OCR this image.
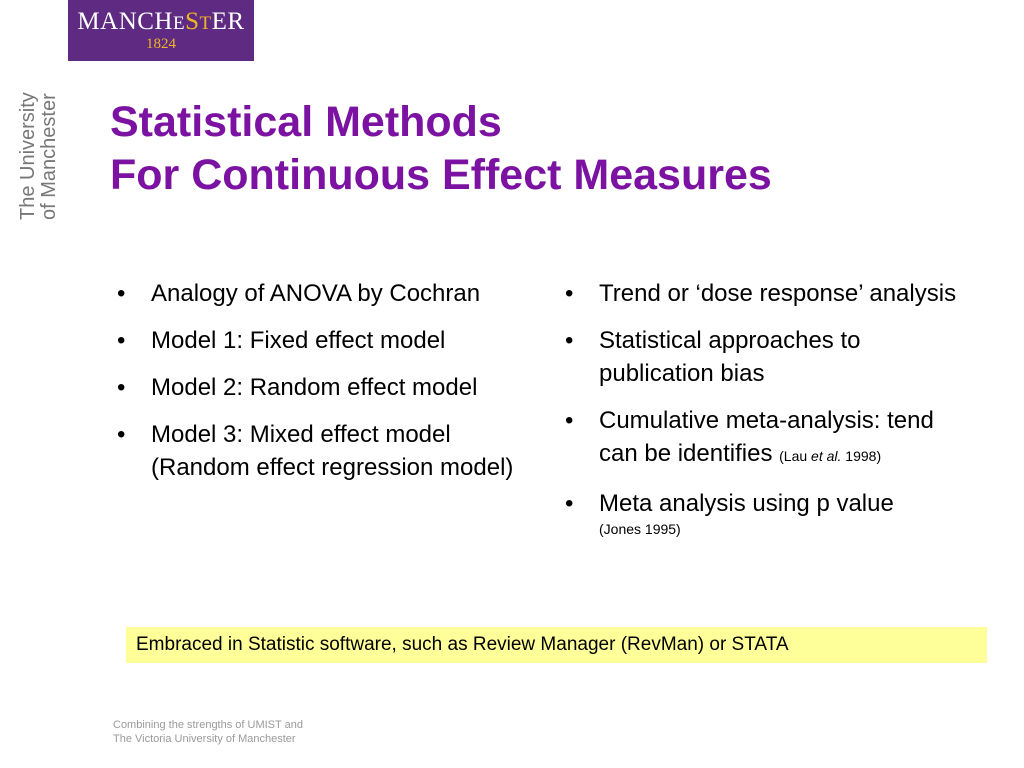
MANCHESTER
1824
The University of Manchester Statistical Methods
For Continuous Effect Measures
• Analogy of ANOVA by Cochran
• Model 1: Fixed effect model
• Model 2: Random effect model
• Model 3: Mixed effect model (Random effect regression model)
• Trend or ‘dose response’ analysis
• Statistical approaches to publication bias
• Cumulative meta-analysis: tend can be identifies (Lau et al. 1998)
• Meta analysis using p value
(Jones 1995)
Embraced in Statistic software, such as Review Manager (RevMan) or STATA
Combining the strengths of UMIST and
The Victoria University of Manchester
